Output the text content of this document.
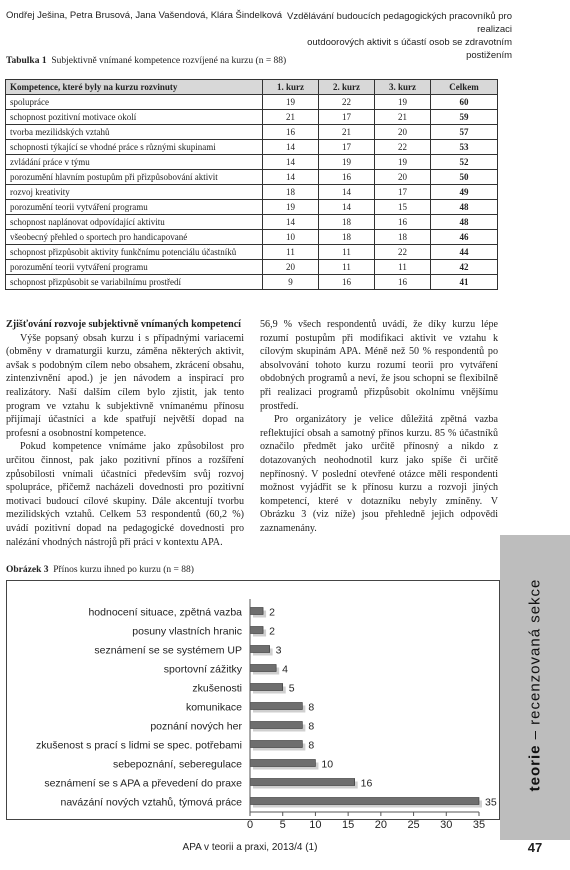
Ondřej Ješina, Petra Brusová, Jana Vašendová, Klára Šindelková Vzdělávání budoucích pedagogických pracovníků pro realizaci
outdoorových aktivit s účastí osob se zdravotním postižením
Tabulka 1 Subjektivně vnímané kompetence rozvíjené na kurzu (n = 88)
Kompetence, které byly na kurzu rozvinuty	1. kurz	2. kurz	3. kurz	Celkem
spolupráce	19	22	19	60
schopnost pozitivní motivace okolí	21	17	21	59
tvorba mezilidských vztahů	16	21	20	57
schopnosti týkající se vhodné práce s různými skupinami	14	17	22	53
zvládání práce v týmu	14	19	19	52
porozumění hlavním postupům při přizpůsobování aktivit	14	16	20	50
rozvoj kreativity	18	14	17	49
porozumění teorii vytváření programu	19	14	15	48
schopnost naplánovat odpovídající aktivitu	14	18	16	48
všeobecný přehled o sportech pro handicapované	10	18	18	46
schopnost přizpůsobit aktivity funkčnímu potenciálu účastníků	11	11	22	44
porozumění teorii vytváření programu	20	11	11	42
schopnost přizpůsobit se variabilnímu prostředí	9	16	16	41
Zjišťování rozvoje subjektivně vnímaných kompetencí

Výše popsaný obsah kurzu i s případnými variacemi (obměny v dramaturgii kurzu, záměna některých aktivit, avšak s podobným cílem nebo obsahem, zkrácení obsahu, zintenzivnění apod.) je jen návodem a inspirací pro realizátory. Naší dalším cílem bylo zjistit, jak tento program ve vztahu k subjektivně vnímanému přínosu přijímají účastníci a kde spatřují největší dopad na profesní a osobnostní kompetence.

Pokud kompetence vnímáme jako způsobilost pro určitou činnost, pak jako pozitivní přínos a rozšíření způsobilosti vnímali účastníci především svůj rozvoj spolupráce, přičemž nacházeli dovednosti pro pozitivní motivaci budoucí cílové skupiny. Dále akcentují tvorbu mezilidských vztahů. Celkem 53 respondentů (60,2 %) uvádí pozitivní dopad na pedagogické dovednosti pro nalézání vhodných nástrojů při práci v kontextu APA.

56,9 % všech respondentů uvádí, že díky kurzu lépe rozumí postupům při modifikaci aktivit ve vztahu k cílovým skupinám APA. Méně než 50 % respondentů po absolvování tohoto kurzu rozumí teorii pro vytváření obdobných programů a neví, že jsou schopni se flexibilně při realizaci programů přizpůsobit okolnímu vnějšímu prostředí.

Pro organizátory je velice důležitá zpětná vazba reflektující obsah a samotný přínos kurzu. 85 % účastníků označilo předmět jako určitě přínosný a nikdo z dotazovaných neohodnotil kurz jako spíše či určitě nepřínosný. V poslední otevřené otázce měli respondenti možnost vyjádřit se k přínosu kurzu a rozvoji jiných kompetencí, které v dotazníku nebyly zmíněny. V Obrázku 3 (viz níže) jsou přehledně jejich odpovědi zaznamenány.

Obrázek 3 Přínos kurzu ihned po kurzu (n = 88)
hodnocení situace, zpětná vazba	2
posuny vlastních hranic	2
seznámení se se systémem UP	3
sportovní zážitky	4
zkušenosti	5
komunikace	8
poznání nových her	8
zkušenost s prací s lidmi se spec. potřebami	8
sebepoznání, seberegulace	10
seznámení se s APA a převedení do praxe	16
navázání nových vztahů, týmová práce	35
0 5 10 15 20 25 30 35
teorie – recenzovaná sekce
APA v teorii a praxi, 2013/4 (1)	47
